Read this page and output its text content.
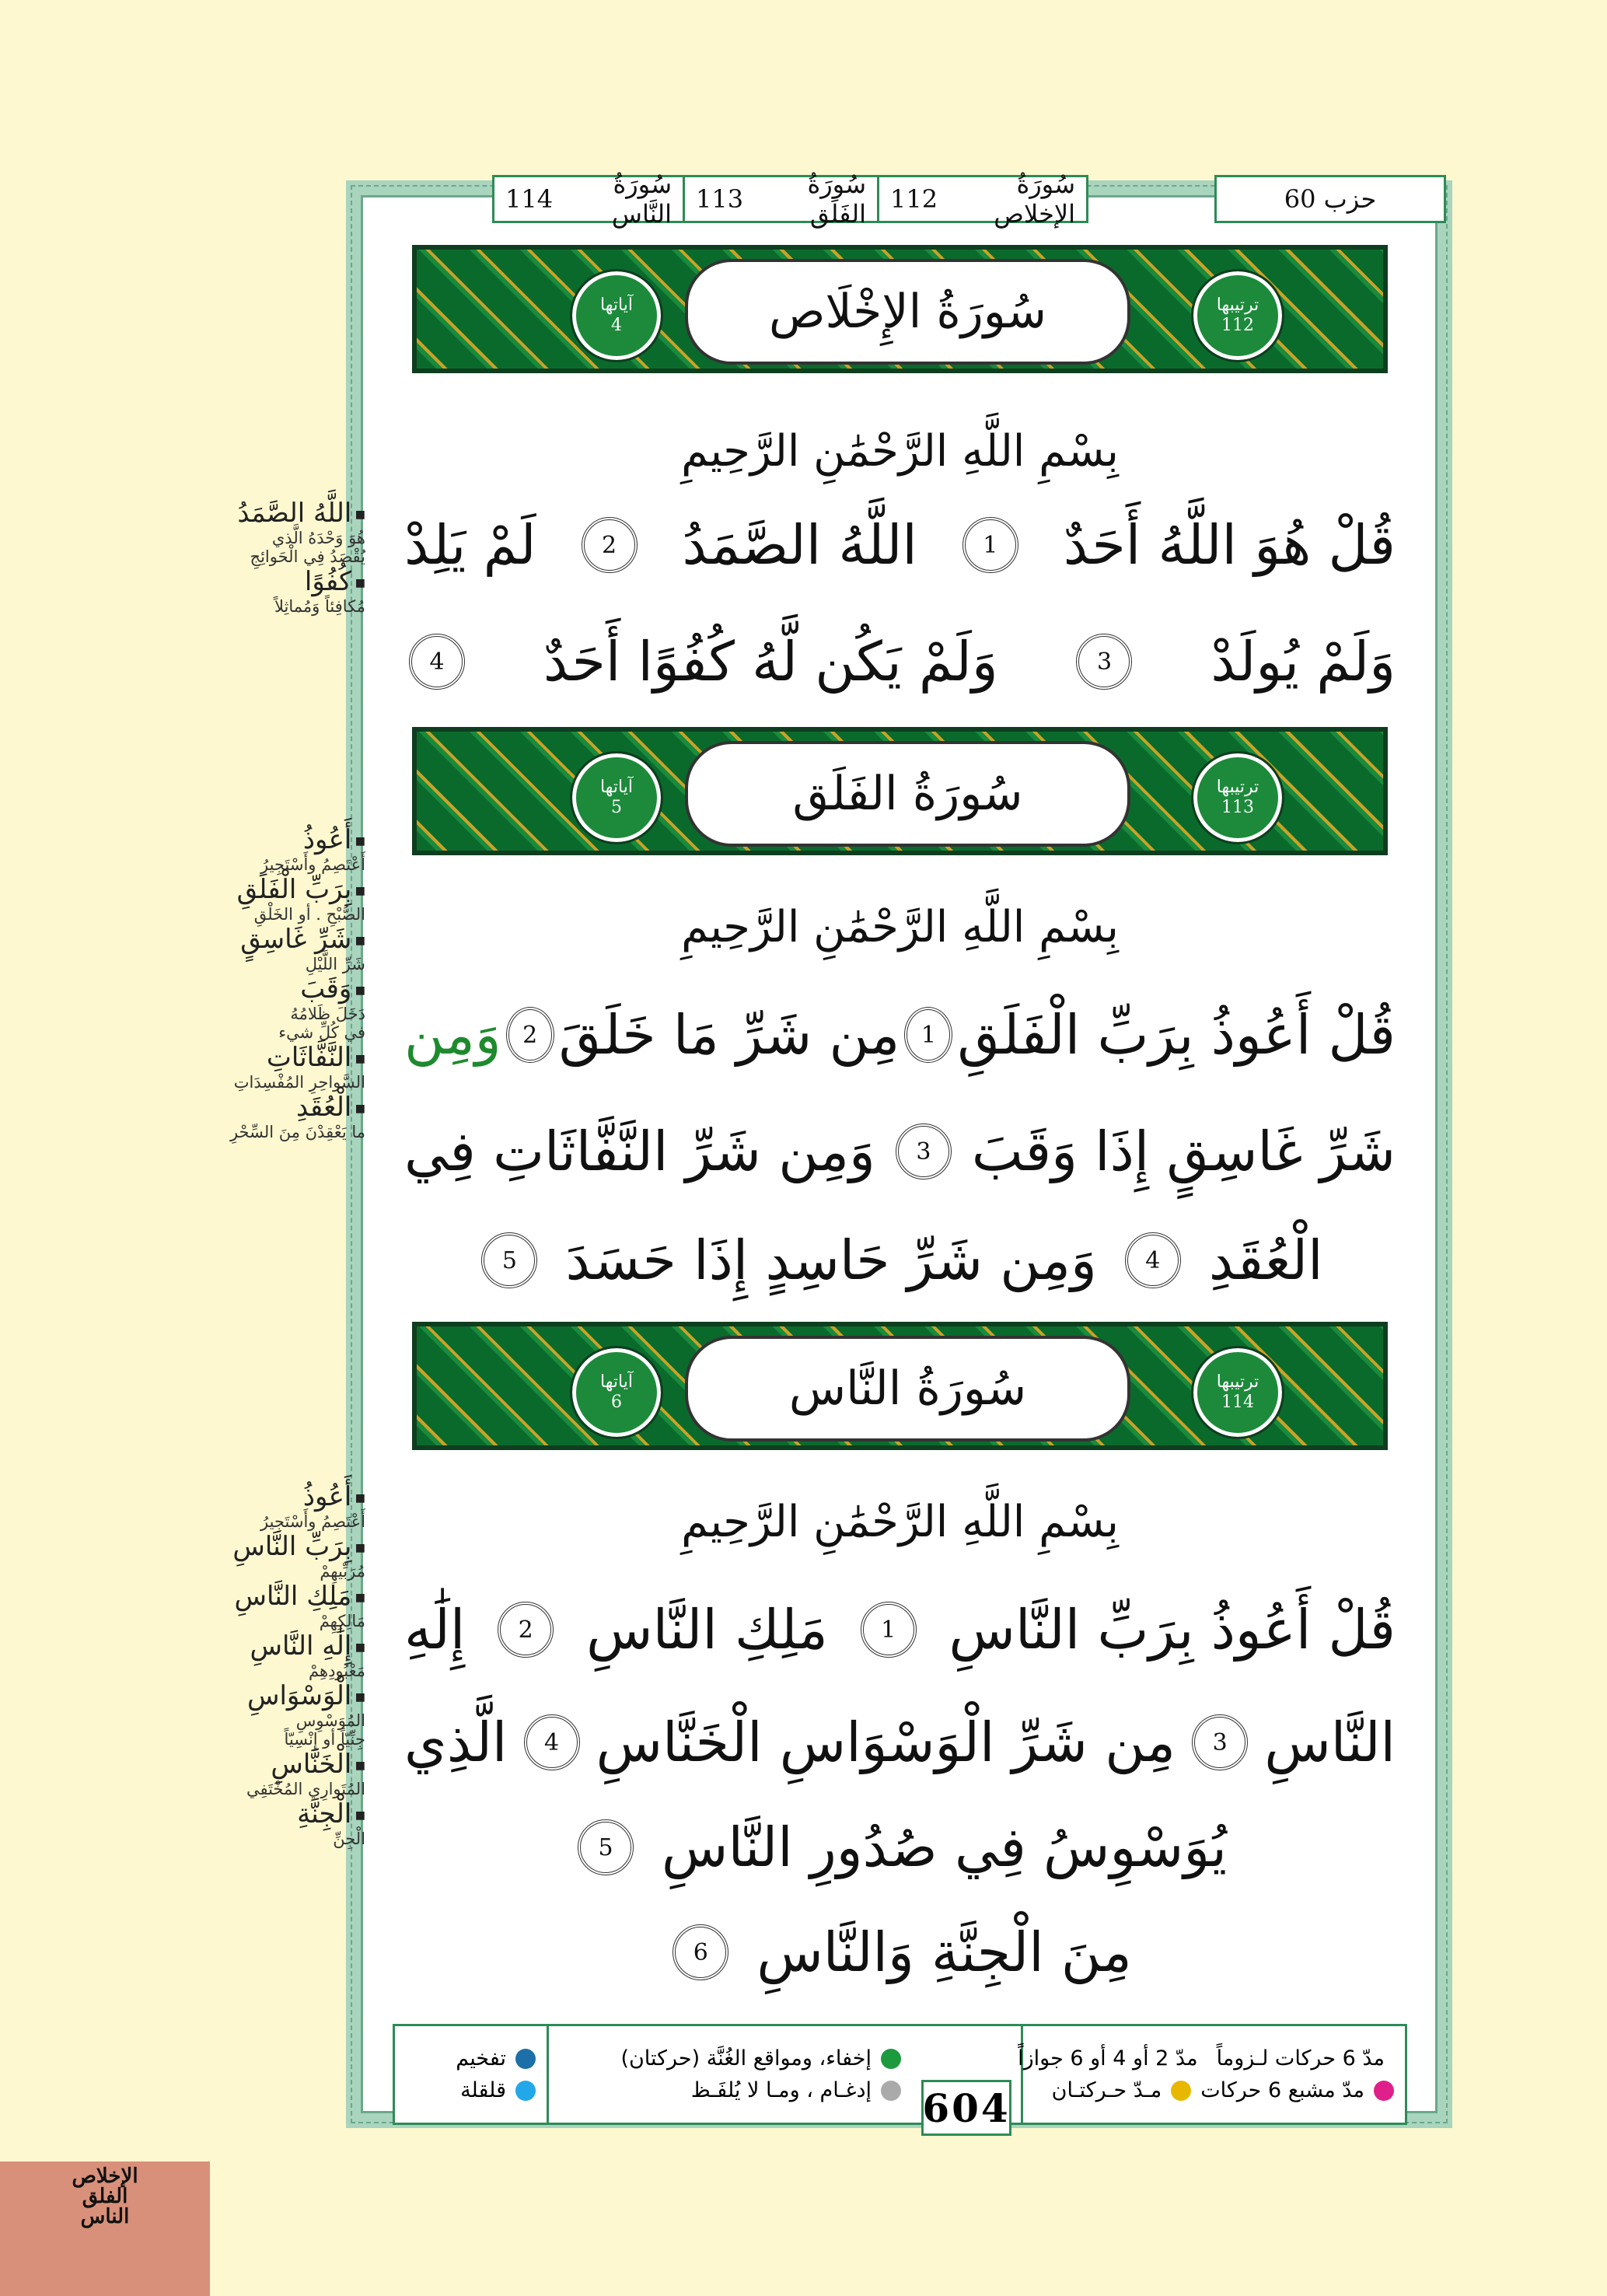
سُورَةُ الإخلاص
112
سُورَةُ الفَلَق
113
سُورَةُ النَّاس
114	حزب 60
آياتها
4	سُورَةُ الإِخْلَاص	ترتيبها
112
بِسْمِ اللَّهِ الرَّحْمَٰنِ الرَّحِيمِ
قُلْ هُوَ اللَّهُ أَحَدٌ
1
اللَّهُ الصَّمَدُ
2
لَمْ يَلِدْ
وَلَمْ يُولَدْ
3
وَلَمْ يَكُن لَّهُ كُفُوًا أَحَدٌ
4
آياتها
5	سُورَةُ الفَلَق	ترتيبها
113
بِسْمِ اللَّهِ الرَّحْمَٰنِ الرَّحِيمِ
قُلْ أَعُوذُ بِرَبِّ الْفَلَقِ
1
مِن شَرِّ مَا خَلَقَ
2
وَمِن
شَرِّ غَاسِقٍ إِذَا وَقَبَ
3
وَمِن شَرِّ النَّفَّاثَاتِ فِي
الْعُقَدِ
4
وَمِن شَرِّ حَاسِدٍ إِذَا حَسَدَ
5
آياتها
6	سُورَةُ النَّاس	ترتيبها
114
بِسْمِ اللَّهِ الرَّحْمَٰنِ الرَّحِيمِ
قُلْ أَعُوذُ بِرَبِّ النَّاسِ
1
مَلِكِ النَّاسِ
2
إِلَٰهِ
النَّاسِ
3
مِن شَرِّ الْوَسْوَاسِ الْخَنَّاسِ
4
الَّذِي
يُوَسْوِسُ فِي صُدُورِ النَّاسِ
5
مِنَ الْجِنَّةِ وَالنَّاسِ
6
■ اللَّهُ الصَّمَدُ
هُوَ وَحْدَهُ الَّذي
يُقْصَدُ فِي الْحَوائِجِ
■ كُفُوًا
مُكافِئاً وَمُماثِلاً
■ أَعُوذُ
أَعْتَصِمُ وأَسْتَجِيرُ
■ بِرَبِّ الْفَلَقِ
الصُّبْحِ . أو الخَلْقِ
■ شَرِّ غَاسِقٍ
شَرِّ اللَّيْلِ
■ وَقَبَ
دَخَلَ ظَلامُهُ
في كُلِّ شيء
■ النَّفَّاثَاتِ
السَّواحِرِ المُفْسِدَاتِ
■ الْعُقَدِ
ما يَعْقِدْنَ مِنَ السِّحْرِ
■ أَعُوذُ
أَعْتَصِمُ وأَسْتَجِيرُ
■ بِرَبِّ النَّاسِ
مُرَبِّيهِمْ
■ مَلِكِ النَّاسِ
مَالِكِهِمْ
■ إِلَٰهِ النَّاسِ
مَعْبُودِهِمْ
■ الْوَسْوَاسِ
المُوَسْوِسِ
جِنِّيّاً أو إِنْسِيّاً
■ الْخَنَّاسِ
المُتَوارِي المُخْتَفِي
■ الْجِنَّةِ
الْجِنِّ
مدّ 6 حركات لـزوماً
مدّ 2 أو 4 أو 6 جوازاً
مدّ مشبع 6 حركات
مـدّ حـركتـان
إخفاء، ومواقع الغُنَّة (حركتان)
إدغـام ، ومـا لا يُلفَـظ
تفخيم
قلقلة	604
الإخلاص
الفلق
الناس
